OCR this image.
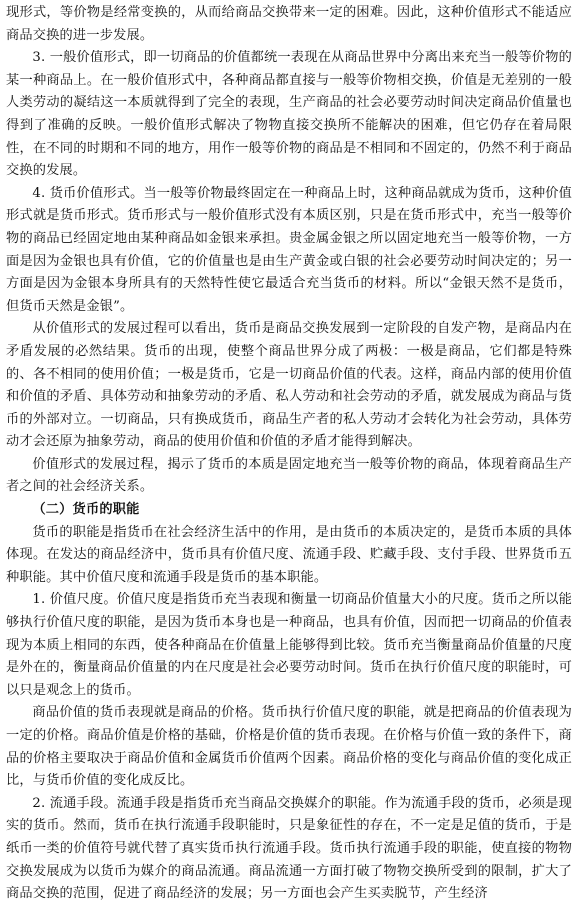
现形式，等价物是经常变换的，从而给商品交换带来一定的困难。因此，这种价值形式不能适应商品交换的进一步发展。

3. 一般价值形式，即一切商品的价值都统一表现在从商品世界中分离出来充当一般等价物的某一种商品上。在一般价值形式中，各种商品都直接与一般等价物相交换，价值是无差别的一般人类劳动的凝结这一本质就得到了完全的表现，生产商品的社会必要劳动时间决定商品价值量也得到了准确的反映。一般价值形式解决了物物直接交换所不能解决的困难，但它仍存在着局限性，在不同的时期和不同的地方，用作一般等价物的商品是不相同和不固定的，仍然不利于商品交换的发展。

4. 货币价值形式。当一般等价物最终固定在一种商品上时，这种商品就成为货币，这种价值形式就是货币形式。货币形式与一般价值形式没有本质区别，只是在货币形式中，充当一般等价物的商品已经固定地由某种商品如金银来承担。贵金属金银之所以固定地充当一般等价物，一方面是因为金银也具有价值，它的价值量也是由生产黄金或白银的社会必要劳动时间决定的；另一方面是因为金银本身所具有的天然特性使它最适合充当货币的材料。所以“金银天然不是货币，但货币天然是金银”。

从价值形式的发展过程可以看出，货币是商品交换发展到一定阶段的自发产物，是商品内在矛盾发展的必然结果。货币的出现，使整个商品世界分成了两极：一极是商品，它们都是特殊的、各不相同的使用价值；一极是货币，它是一切商品价值的代表。这样，商品内部的使用价值和价值的矛盾、具体劳动和抽象劳动的矛盾、私人劳动和社会劳动的矛盾，就发展成为商品与货币的外部对立。一切商品，只有换成货币，商品生产者的私人劳动才会转化为社会劳动，具体劳动才会还原为抽象劳动，商品的使用价值和价值的矛盾才能得到解决。

价值形式的发展过程，揭示了货币的本质是固定地充当一般等价物的商品，体现着商品生产者之间的社会经济关系。

（二）货币的职能

货币的职能是指货币在社会经济生活中的作用，是由货币的本质决定的，是货币本质的具体体现。在发达的商品经济中，货币具有价值尺度、流通手段、贮藏手段、支付手段、世界货币五种职能。其中价值尺度和流通手段是货币的基本职能。

1. 价值尺度。价值尺度是指货币充当表现和衡量一切商品价值量大小的尺度。货币之所以能够执行价值尺度的职能，是因为货币本身也是一种商品，也具有价值，因而把一切商品的价值表现为本质上相同的东西，使各种商品在价值量上能够得到比较。货币充当衡量商品价值量的尺度是外在的，衡量商品价值量的内在尺度是社会必要劳动时间。货币在执行价值尺度的职能时，可以只是观念上的货币。

商品价值的货币表现就是商品的价格。货币执行价值尺度的职能，就是把商品的价值表现为一定的价格。商品价值是价格的基础，价格是价值的货币表现。在价格与价值一致的条件下，商品的价格主要取决于商品价值和金属货币价值两个因素。商品价格的变化与商品价值的变化成正比，与货币价值的变化成反比。

2. 流通手段。流通手段是指货币充当商品交换媒介的职能。作为流通手段的货币，必须是现实的货币。然而，货币在执行流通手段职能时，只是象征性的存在，不一定是足值的货币，于是纸币一类的价值符号就代替了真实货币执行流通手段。货币执行流通手段的职能，使直接的物物交换发展成为以货币为媒介的商品流通。商品流通一方面打破了物物交换所受到的限制，扩大了商品交换的范围，促进了商品经济的发展；另一方面也会产生买卖脱节，产生经济
